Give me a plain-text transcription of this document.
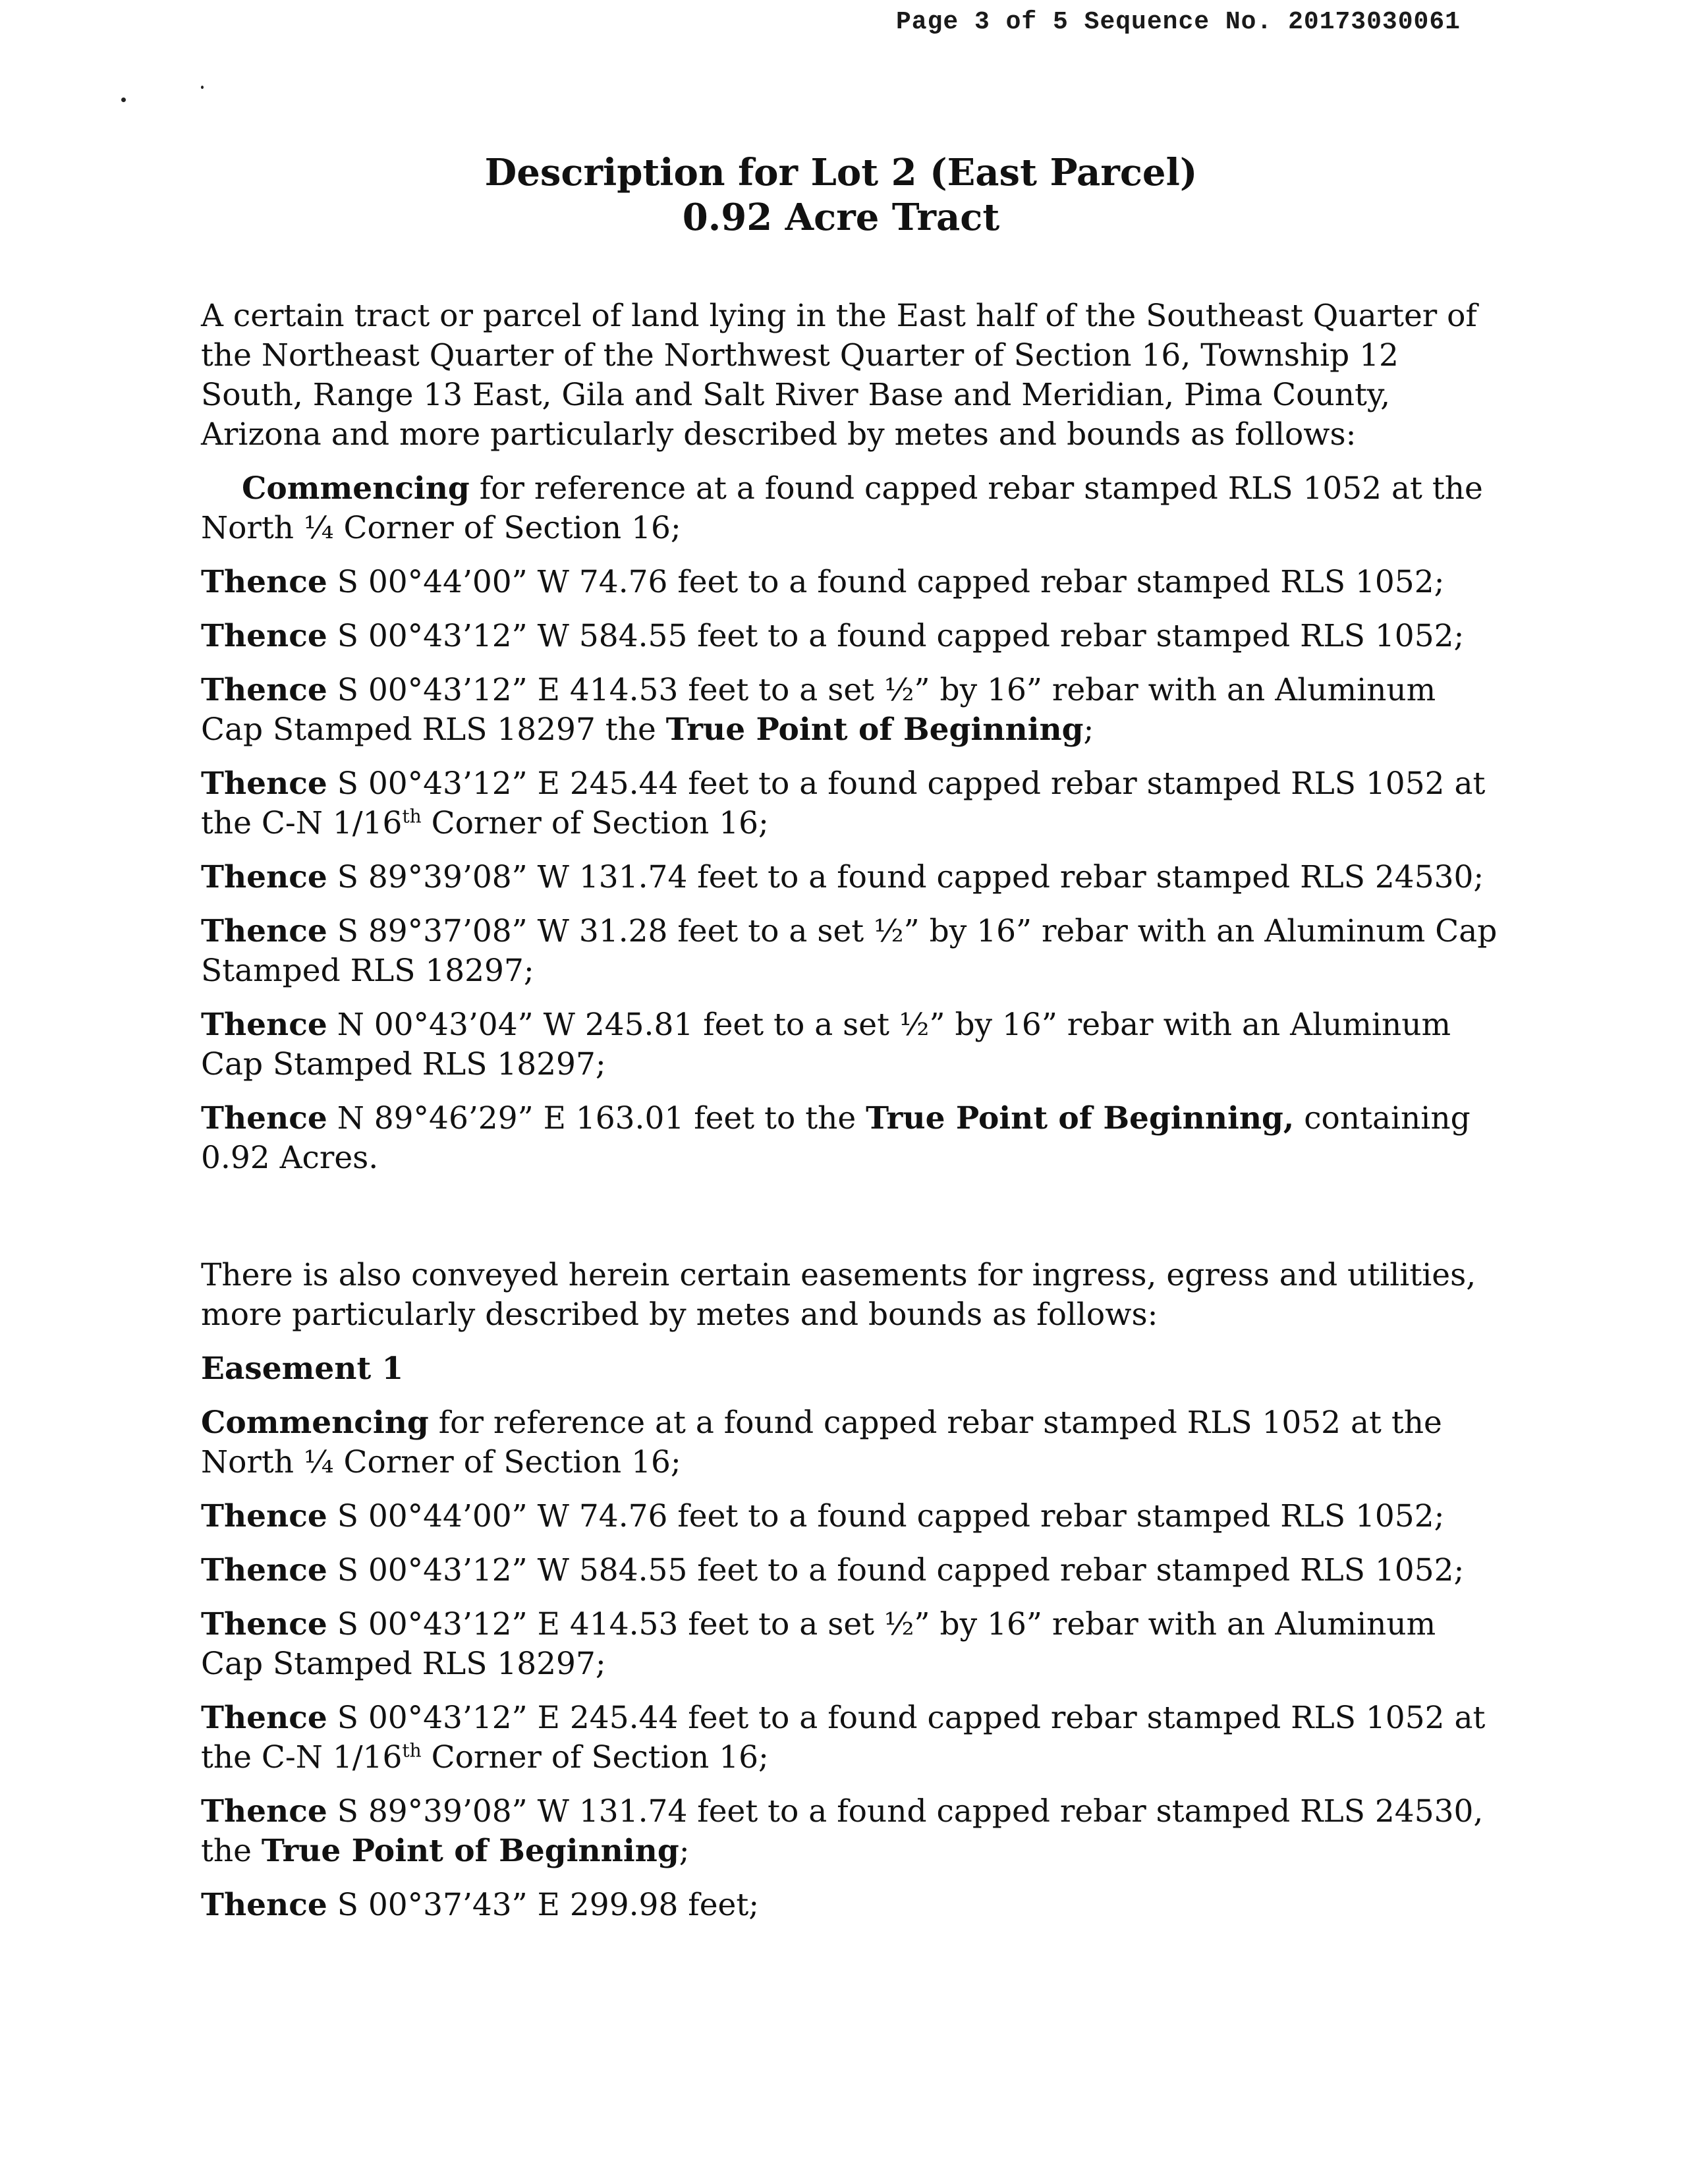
Page 3 of 5 Sequence No. 20173030061
Description for Lot 2 (East Parcel)
0.92 Acre Tract

A certain tract or parcel of land lying in the East half of the Southeast Quarter of the Northeast Quarter of the Northwest Quarter of Section 16, Township 12 South, Range 13 East, Gila and Salt River Base and Meridian, Pima County, Arizona and more particularly described by metes and bounds as follows:

Commencing for reference at a found capped rebar stamped RLS 1052 at the North ¼ Corner of Section 16;

Thence S 00°44’00” W 74.76 feet to a found capped rebar stamped RLS 1052;

Thence S 00°43’12” W 584.55 feet to a found capped rebar stamped RLS 1052;

Thence S 00°43’12” E 414.53 feet to a set ½” by 16” rebar with an Aluminum Cap Stamped RLS 18297 the True Point of Beginning;

Thence S 00°43’12” E 245.44 feet to a found capped rebar stamped RLS 1052 at the C-N 1/16th Corner of Section 16;

Thence S 89°39’08” W 131.74 feet to a found capped rebar stamped RLS 24530;

Thence S 89°37’08” W 31.28 feet to a set ½” by 16” rebar with an Aluminum Cap Stamped RLS 18297;

Thence N 00°43’04” W 245.81 feet to a set ½” by 16” rebar with an Aluminum Cap Stamped RLS 18297;

Thence N 89°46’29” E 163.01 feet to the True Point of Beginning, containing 0.92 Acres.

There is also conveyed herein certain easements for ingress, egress and utilities, more particularly described by metes and bounds as follows:

Easement 1

Commencing for reference at a found capped rebar stamped RLS 1052 at the North ¼ Corner of Section 16;

Thence S 00°44’00” W 74.76 feet to a found capped rebar stamped RLS 1052;

Thence S 00°43’12” W 584.55 feet to a found capped rebar stamped RLS 1052;

Thence S 00°43’12” E 414.53 feet to a set ½” by 16” rebar with an Aluminum Cap Stamped RLS 18297;

Thence S 00°43’12” E 245.44 feet to a found capped rebar stamped RLS 1052 at the C-N 1/16th Corner of Section 16;

Thence S 89°39’08” W 131.74 feet to a found capped rebar stamped RLS 24530, the True Point of Beginning;

Thence S 00°37’43” E 299.98 feet;
